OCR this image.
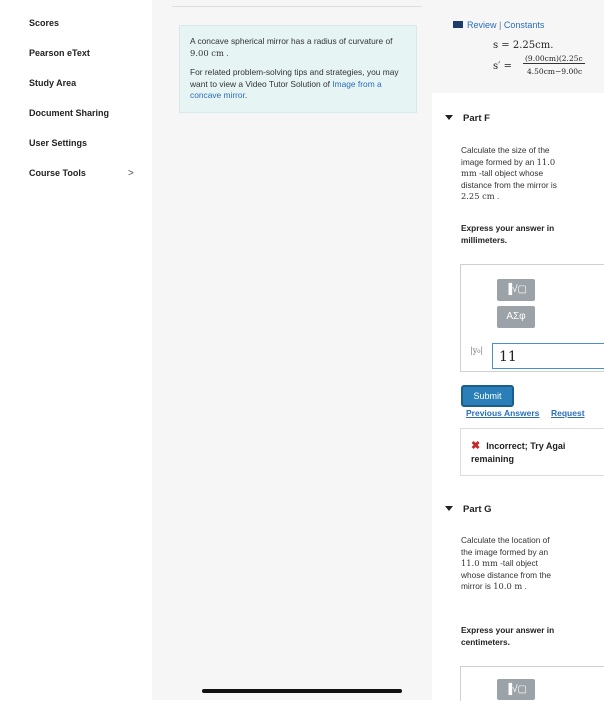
Scores
Pearson eText
Study Area
Document Sharing
User Settings
Course Tools	>

A concave spherical mirror has a radius of curvature of 9.00 cm .

For related problem-solving tips and strategies, you may want to view a Video Tutor Solution of Image from a concave mirror.

Review | Constants
s = 2.25cm.
s′ =
(9.00cm)(2.25c
4.50cm−9.00c
Part F
Calculate the size of the image formed by an 11.0 mm -tall object whose distance from the mirror is 2.25 cm .
Express your answer in millimeters.
▐√▢
ΑΣφ
|y₀|	11
Submit
Previous Answers Request
✖ Incorrect; Try Agai
remaining
Part G
Calculate the location of the image formed by an 11.0 mm -tall object whose distance from the mirror is 10.0 m .
Express your answer in centimeters.
▐√▢
